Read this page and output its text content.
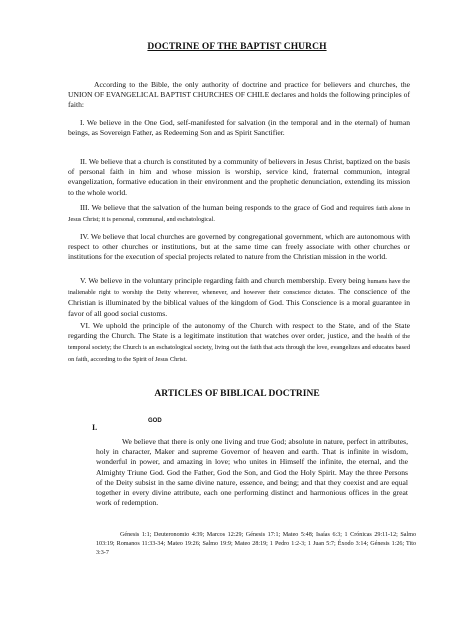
DOCTRINE OF THE BAPTIST CHURCH

According to the Bible, the only authority of doctrine and practice for believers and churches, the UNION OF EVANGELICAL BAPTIST CHURCHES OF CHILE declares and holds the following principles of faith:

I. We believe in the One God, self-manifested for salvation (in the temporal and in the eternal) of human beings, as Sovereign Father, as Redeeming Son and as Spirit Sanctifier.

II. We believe that a church is constituted by a community of believers in Jesus Christ, baptized on the basis of personal faith in him and whose mission is worship, service kind, fraternal communion, integral evangelization, formative education in their environment and the prophetic denunciation, extending its mission to the whole world.

III. We believe that the salvation of the human being responds to the grace of God and requires faith alone in Jesus Christ; it is personal, communal, and eschatological.

IV. We believe that local churches are governed by congregational government, which are autonomous with respect to other churches or institutions, but at the same time can freely associate with other churches or institutions for the execution of special projects related to nature from the Christian mission in the world.

V. We believe in the voluntary principle regarding faith and church membership. Every being humans have the inalienable right to worship the Deity wherever, whenever, and however their conscience dictates. The conscience of the Christian is illuminated by the biblical values of the kingdom of God. This Conscience is a moral guarantee in favor of all good social customs.

VI. We uphold the principle of the autonomy of the Church with respect to the State, and of the State regarding the Church. The State is a legitimate institution that watches over order, justice, and the health of the temporal society; the Church is an eschatological society, living out the faith that acts through the love, evangelizes and educates based on faith, according to the Spirit of Jesus Christ.

ARTICLES OF BIBLICAL DOCTRINE
I.
GOD

We believe that there is only one living and true God; absolute in nature, perfect in attributes, holy in character, Maker and supreme Governor of heaven and earth. That is infinite in wisdom, wonderful in power, and amazing in love; who unites in Himself the infinite, the eternal, and the Almighty Triune God. God the Father, God the Son, and God the Holy Spirit. May the three Persons of the Deity subsist in the same divine nature, essence, and being; and that they coexist and are equal together in every divine attribute, each one performing distinct and harmonious offices in the great work of redemption.

Génesis 1:1; Deuteronomio 4:39; Marcos 12:29; Génesis 17:1; Mateo 5:48; Isaías 6:3; 1 Crónicas 29:11-12; Salmo 103:19; Romanos 11:33-34; Mateo 19:26; Salmo 19:9; Mateo 28:19; 1 Pedro 1:2-3; 1 Juan 5:7; Éxodo 3:14; Génesis 1:26; Tito 3:3-7
